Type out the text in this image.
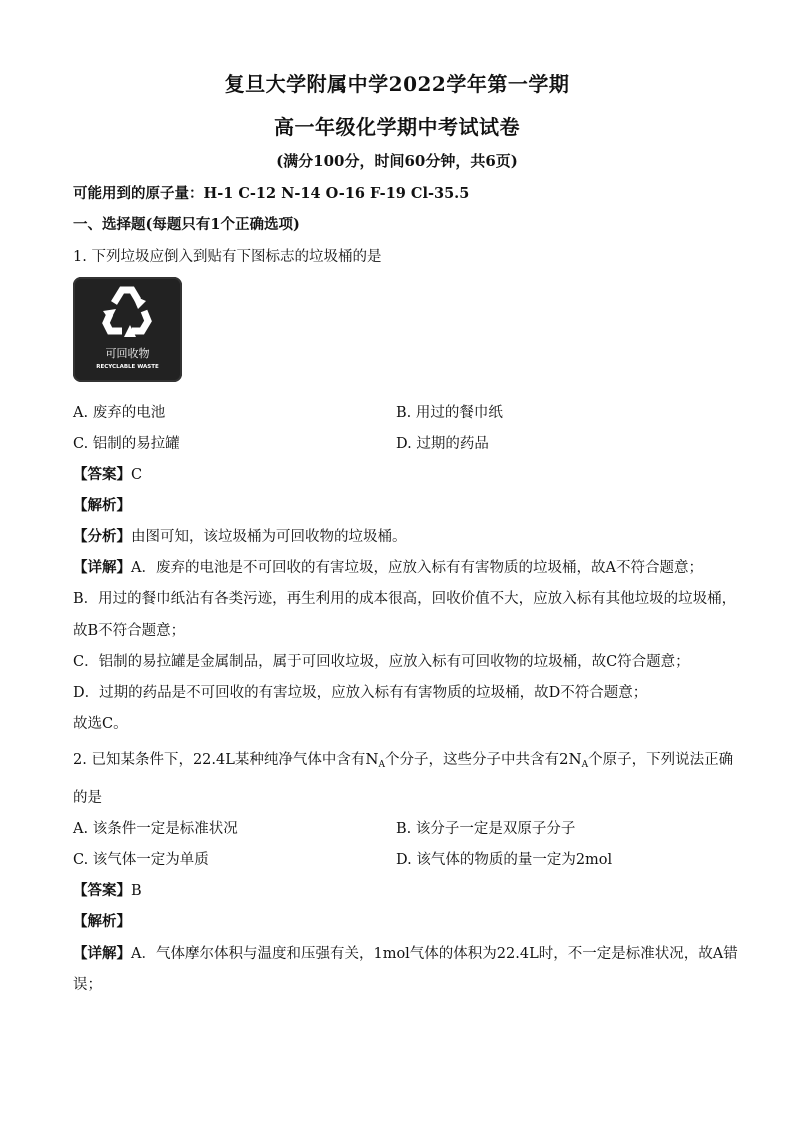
复旦大学附属中学2022学年第一学期
高一年级化学期中考试试卷
(满分100分，时间60分钟，共6页)
可能用到的原子量：H-1 C-12 N-14 O-16 F-19 Cl-35.5
一、选择题(每题只有1个正确选项)
1. 下列垃圾应倒入到贴有下图标志的垃圾桶的是
可回收物
RECYCLABLE WASTE
A. 废弃的电池	B. 用过的餐巾纸
C. 铝制的易拉罐	D. 过期的药品
【答案】C
【解析】
【分析】由图可知，该垃圾桶为可回收物的垃圾桶。
【详解】A．废弃的电池是不可回收的有害垃圾，应放入标有有害物质的垃圾桶，故A不符合题意；
B．用过的餐巾纸沾有各类污迹，再生利用的成本很高，回收价值不大，应放入标有其他垃圾的垃圾桶，
故B不符合题意；
C．铝制的易拉罐是金属制品，属于可回收垃圾，应放入标有可回收物的垃圾桶，故C符合题意；
D．过期的药品是不可回收的有害垃圾，应放入标有有害物质的垃圾桶，故D不符合题意；
故选C。
2. 已知某条件下，22.4L某种纯净气体中含有$N_A$个分子，这些分子中共含有$2N_A$个原子，下列说法正确
的是
A. 该条件一定是标准状况	B. 该分子一定是双原子分子
C. 该气体一定为单质	D. 该气体的物质的量一定为2mol
【答案】B
【解析】
【详解】A．气体摩尔体积与温度和压强有关，1mol气体的体积为22.4L时，不一定是标准状况，故A错
误；
